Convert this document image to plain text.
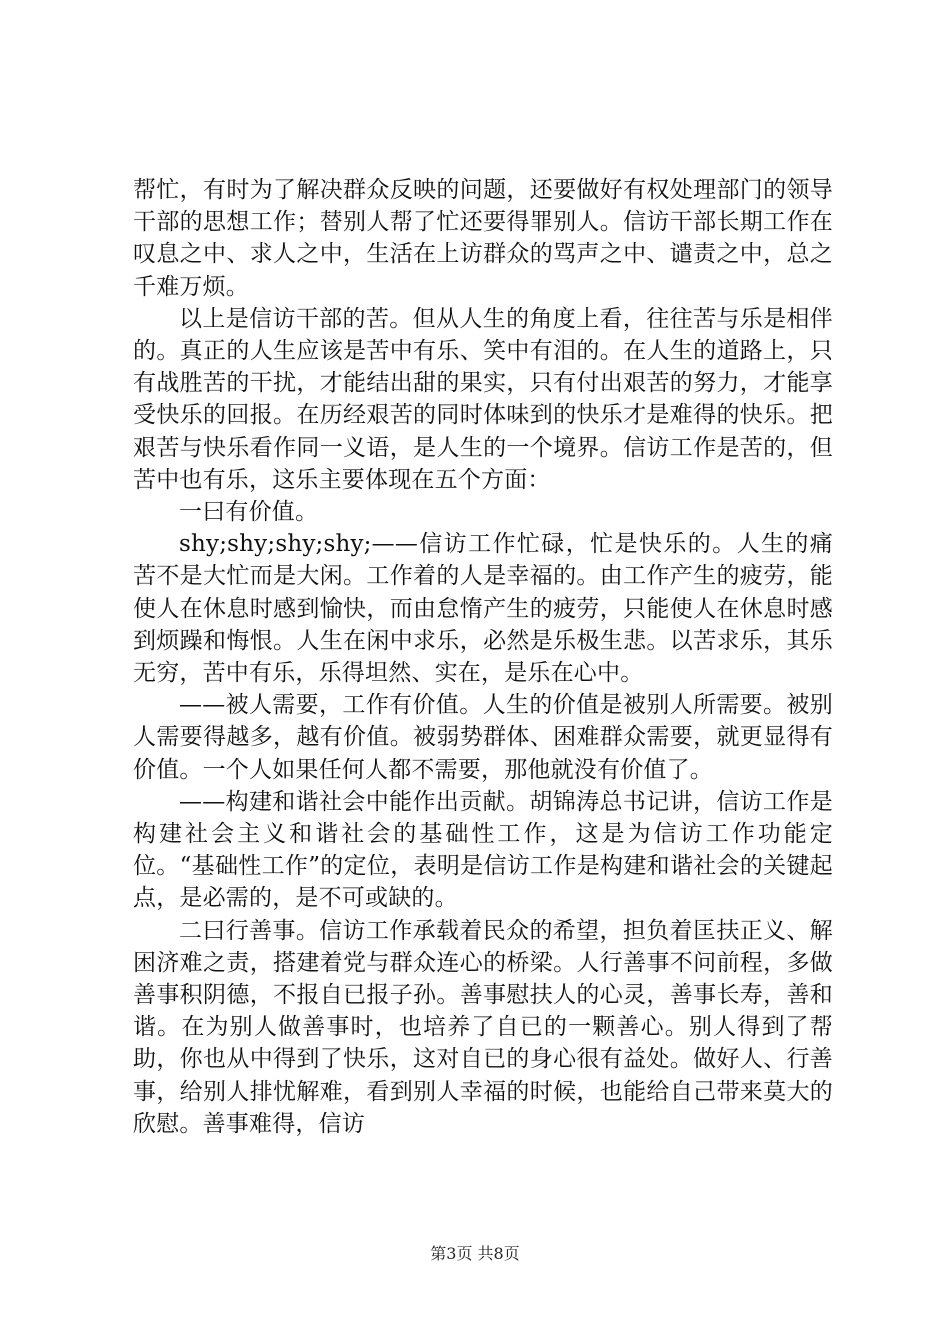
帮忙，有时为了解决群众反映的问题，还要做好有权处理部门的领导干部的思想工作；替别人帮了忙还要得罪别人。信访干部长期工作在叹息之中、求人之中，生活在上访群众的骂声之中、谴责之中，总之千难万烦。

以上是信访干部的苦。但从人生的角度上看，往往苦与乐是相伴的。真正的人生应该是苦中有乐、笑中有泪的。在人生的道路上，只有战胜苦的干扰，才能结出甜的果实，只有付出艰苦的努力，才能享受快乐的回报。在历经艰苦的同时体味到的快乐才是难得的快乐。把艰苦与快乐看作同一义语，是人生的一个境界。信访工作是苦的，但苦中也有乐，这乐主要体现在五个方面：

一曰有价值。

shy;shy;shy;shy;——信访工作忙碌，忙是快乐的。人生的痛苦不是大忙而是大闲。工作着的人是幸福的。由工作产生的疲劳，能使人在休息时感到愉快，而由怠惰产生的疲劳，只能使人在休息时感到烦躁和悔恨。人生在闲中求乐，必然是乐极生悲。以苦求乐，其乐无穷，苦中有乐，乐得坦然、实在，是乐在心中。

——被人需要，工作有价值。人生的价值是被别人所需要。被别人需要得越多，越有价值。被弱势群体、困难群众需要，就更显得有价值。一个人如果任何人都不需要，那他就没有价值了。

——构建和谐社会中能作出贡献。胡锦涛总书记讲，信访工作是构建社会主义和谐社会的基础性工作，这是为信访工作功能定位。“基础性工作”的定位，表明是信访工作是构建和谐社会的关键起点，是必需的，是不可或缺的。

二曰行善事。信访工作承载着民众的希望，担负着匡扶正义、解困济难之责，搭建着党与群众连心的桥梁。人行善事不问前程，多做善事积阴德，不报自已报子孙。善事慰扶人的心灵，善事长寿，善和谐。在为别人做善事时，也培养了自已的一颗善心。别人得到了帮助，你也从中得到了快乐，这对自已的身心很有益处。做好人、行善事，给别人排忧解难，看到别人幸福的时候，也能给自己带来莫大的欣慰。善事难得，信访

第3页 共8页
